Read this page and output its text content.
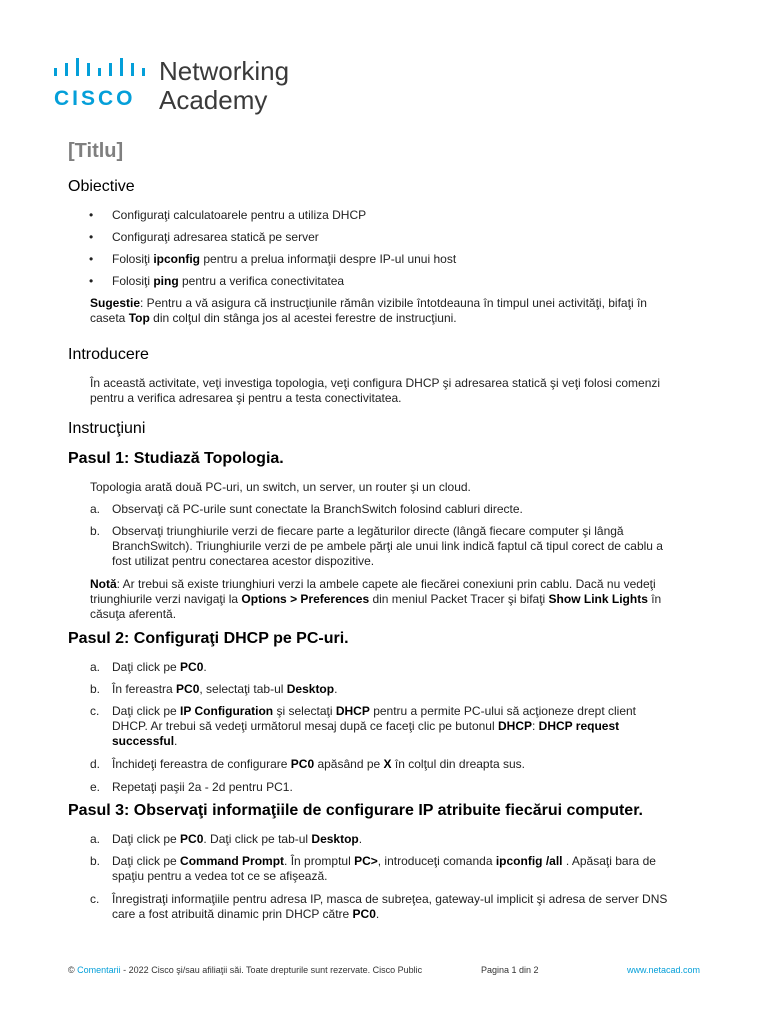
CISCO
Networking
Academy
[Titlu]
Obiective
Configuraţi calculatoarele pentru a utiliza DHCP
Configuraţi adresarea statică pe server
Folosiţi ipconfig pentru a prelua informaţii despre IP-ul unui host
Folosiţi ping pentru a verifica conectivitatea
Sugestie: Pentru a vă asigura că instrucţiunile rămân vizibile întotdeauna în timpul unei activităţi, bifaţi în
caseta Top din colţul din stânga jos al acestei ferestre de instrucţiuni.
Introducere
În această activitate, veţi investiga topologia, veţi configura DHCP şi adresarea statică şi veţi folosi comenzi
pentru a verifica adresarea şi pentru a testa conectivitatea.
Instrucţiuni
Pasul 1: Studiază Topologia.
Topologia arată două PC-uri, un switch, un server, un router şi un cloud.
a. Observaţi că PC-urile sunt conectate la BranchSwitch folosind cabluri directe.
b. Observaţi triunghiurile verzi de fiecare parte a legăturilor directe (lângă fiecare computer şi lângă
BranchSwitch). Triunghiurile verzi de pe ambele părţi ale unui link indică faptul că tipul corect de cablu a
fost utilizat pentru conectarea acestor dispozitive.
Notă: Ar trebui să existe triunghiuri verzi la ambele capete ale fiecărei conexiuni prin cablu. Dacă nu vedeţi
triunghiurile verzi navigaţi la Options > Preferences din meniul Packet Tracer şi bifaţi Show Link Lights în
căsuţa aferentă.
Pasul 2: Configuraţi DHCP pe PC-uri.
a. Daţi click pe PC0.
b. În fereastra PC0, selectaţi tab-ul Desktop.
c. Daţi click pe IP Configuration şi selectaţi DHCP pentru a permite PC-ului să acţioneze drept client
DHCP. Ar trebui să vedeţi următorul mesaj după ce faceţi clic pe butonul DHCP: DHCP request
successful.
d. Închideţi fereastra de configurare PC0 apăsând pe X în colţul din dreapta sus.
e. Repetaţi paşii 2a - 2d pentru PC1.
Pasul 3: Observaţi informaţiile de configurare IP atribuite fiecărui computer.
a. Daţi click pe PC0. Daţi click pe tab-ul Desktop.
b. Daţi click pe Command Prompt. În promptul PC>, introduceţi comanda ipconfig /all . Apăsaţi bara de
spaţiu pentru a vedea tot ce se afişează.
c. Înregistraţi informaţiile pentru adresa IP, masca de subreţea, gateway-ul implicit şi adresa de server DNS
care a fost atribuită dinamic prin DHCP către PC0.
© Comentarii - 2022 Cisco şi/sau afiliaţii săi. Toate drepturile sunt rezervate. Cisco Public	Pagina 1 din 2	www.netacad.com
